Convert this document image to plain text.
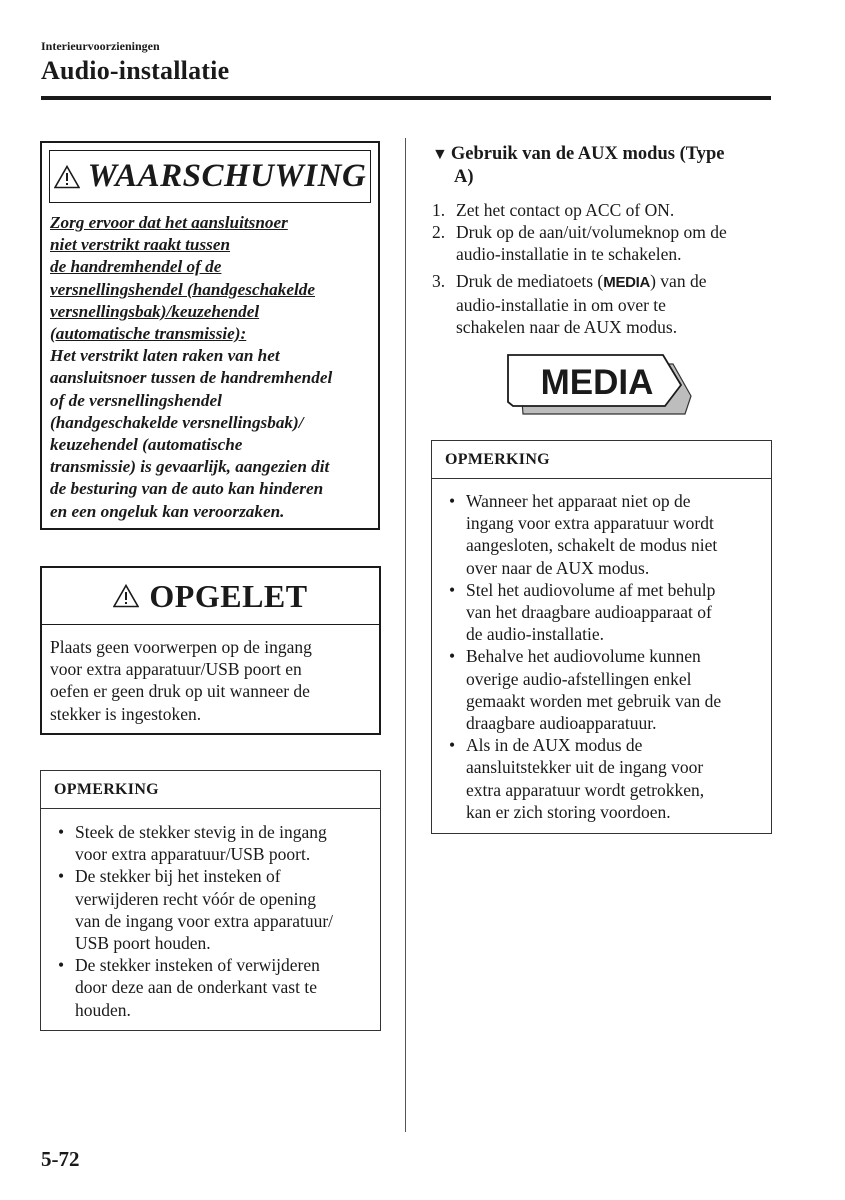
Interieurvoorzieningen
Audio-installatie
WAARSCHUWING
Zorg ervoor dat het aansluitsnoer
niet verstrikt raakt tussen
de handremhendel of de
versnellingshendel (handgeschakelde
versnellingsbak)/keuzehendel
(automatische transmissie):
Het verstrikt laten raken van het
aansluitsnoer tussen de handremhendel
of de versnellingshendel
(handgeschakelde versnellingsbak)/
keuzehendel (automatische
transmissie) is gevaarlijk, aangezien dit
de besturing van de auto kan hinderen
en een ongeluk kan veroorzaken.
OPGELET
Plaats geen voorwerpen op de ingang
voor extra apparatuur/USB poort en
oefen er geen druk op uit wanneer de
stekker is ingestoken.
OPMERKING
• Steek de stekker stevig in de ingang
voor extra apparatuur/USB poort.
• De stekker bij het insteken of
verwijderen recht vóór de opening
van de ingang voor extra apparatuur/
USB poort houden.
• De stekker insteken of verwijderen
door deze aan de onderkant vast te
houden.
▼ Gebruik van de AUX modus (Type
A)
1. Zet het contact op ACC of ON.
2. Druk op de aan/uit/volumeknop om de
audio-installatie in te schakelen.
3. Druk de mediatoets (MEDIA) van de
audio-installatie in om over te
schakelen naar de AUX modus.
MEDIA
OPMERKING
• Wanneer het apparaat niet op de
ingang voor extra apparatuur wordt
aangesloten, schakelt de modus niet
over naar de AUX modus.
• Stel het audiovolume af met behulp
van het draagbare audioapparaat of
de audio-installatie.
• Behalve het audiovolume kunnen
overige audio-afstellingen enkel
gemaakt worden met gebruik van de
draagbare audioapparatuur.
• Als in de AUX modus de
aansluitstekker uit de ingang voor
extra apparatuur wordt getrokken,
kan er zich storing voordoen.
5-72
